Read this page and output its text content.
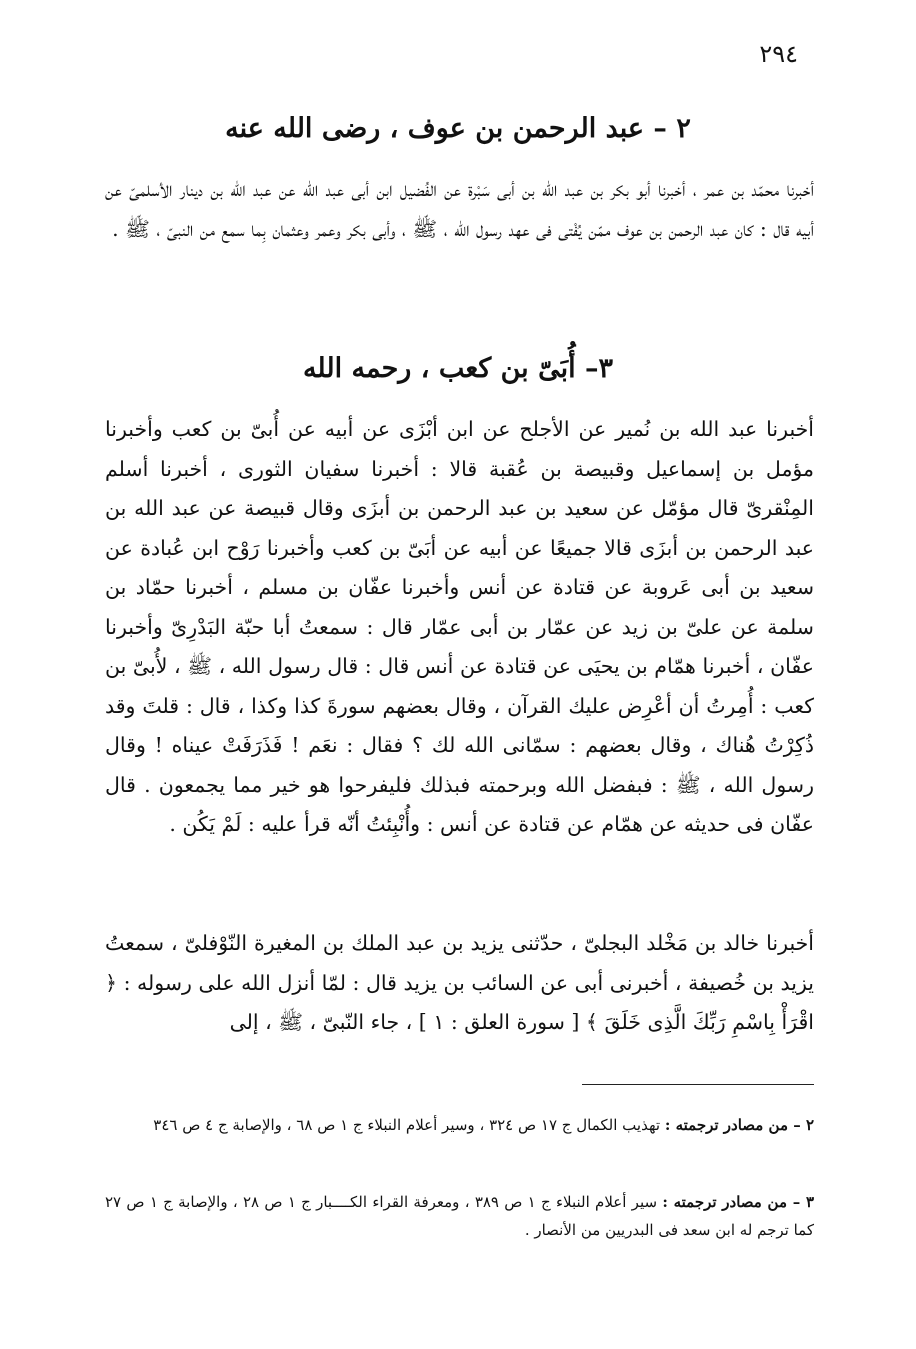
٢٩٤
٢ – عبد الرحمن بن عوف ، رضى الله عنه

أخبرنا محمّد بن عمر ، أخبرنا أبو بكر بن عبد الله بن أبى سَبْرة عن الفُضيل ابن أبى عبد الله عن عبد الله بن دينار الأسلمىّ عن أبيه قال : كان عبد الرحمن بن عوف ممّن يُفْتى فى عهد رسول الله ، ﷺ ، وأبى بكر وعمر وعثمان بِما سمع من النبىّ ، ﷺ .

٣– أُبَىّ بن كعب ، رحمه الله

أخبرنا عبد الله بن نُمير عن الأجلح عن ابن أبْزَى عن أبيه عن أُبىّ بن كعب وأخبرنا مؤمل بن إسماعيل وقبيصة بن عُقبة قالا : أخبرنا سفيان الثورى ، أخبرنا أسلم المِنْقرىّ قال مؤمّل عن سعيد بن عبد الرحمن بن أبزَى وقال قبيصة عن عبد الله بن عبد الرحمن بن أبزَى قالا جميعًا عن أبيه عن أبَىّ بن كعب وأخبرنا رَوْح ابن عُبادة عن سعيد بن أبى عَروبة عن قتادة عن أنس وأخبرنا عفّان بن مسلم ، أخبرنا حمّاد بن سلمة عن علىّ بن زيد عن عمّار بن أبى عمّار قال : سمعتُ أبا حبّة البَدْرِىّ وأخبرنا عفّان ، أخبرنا همّام بن يحيَى عن قتادة عن أنس قال : قال رسول الله ، ﷺ ، لأُبىّ بن كعب : أُمِرتُ أن أعْرِض عليك القرآن ، وقال بعضهم سورةَ كذا وكذا ، قال : قلتَ وقد ذُكِرْتُ هُناك ، وقال بعضهم : سمّانى الله لك ؟ فقال : نعَم ! فَذَرَفَتْ عيناه ! وقال رسول الله ، ﷺ : فبفضل الله وبرحمته فبذلك فليفرحوا هو خير مما يجمعون . قال عفّان فى حديثه عن همّام عن قتادة عن أنس : وأُنْبِئتُ أنّه قرأ عليه : لَمْ يَكُن .

أخبرنا خالد بن مَخْلد البجلىّ ، حدّثنى يزيد بن عبد الملك بن المغيرة النّوْفلىّ ، سمعتُ يزيد بن خُصيفة ، أخبرنى أبى عن السائب بن يزيد قال : لمّا أنزل الله على رسوله : ﴿ اقْرَأْ بِاسْمِ رَبِّكَ الَّذِى خَلَقَ ﴾ [ سورة العلق : ١ ] ، جاء النّبىّ ، ﷺ ، إلى

٢ – من مصادر ترجمته : تهذيب الكمال ج ١٧ ص ٣٢٤ ، وسير أعلام النبلاء ج ١ ص ٦٨ ، والإصابة ج ٤ ص ٣٤٦

٣ – من مصادر ترجمته : سير أعلام النبلاء ج ١ ص ٣٨٩ ، ومعرفة القراء الكــــبار ج ١ ص ٢٨ ، والإصابة ج ١ ص ٢٧ كما ترجم له ابن سعد فى البدريين من الأنصار .
